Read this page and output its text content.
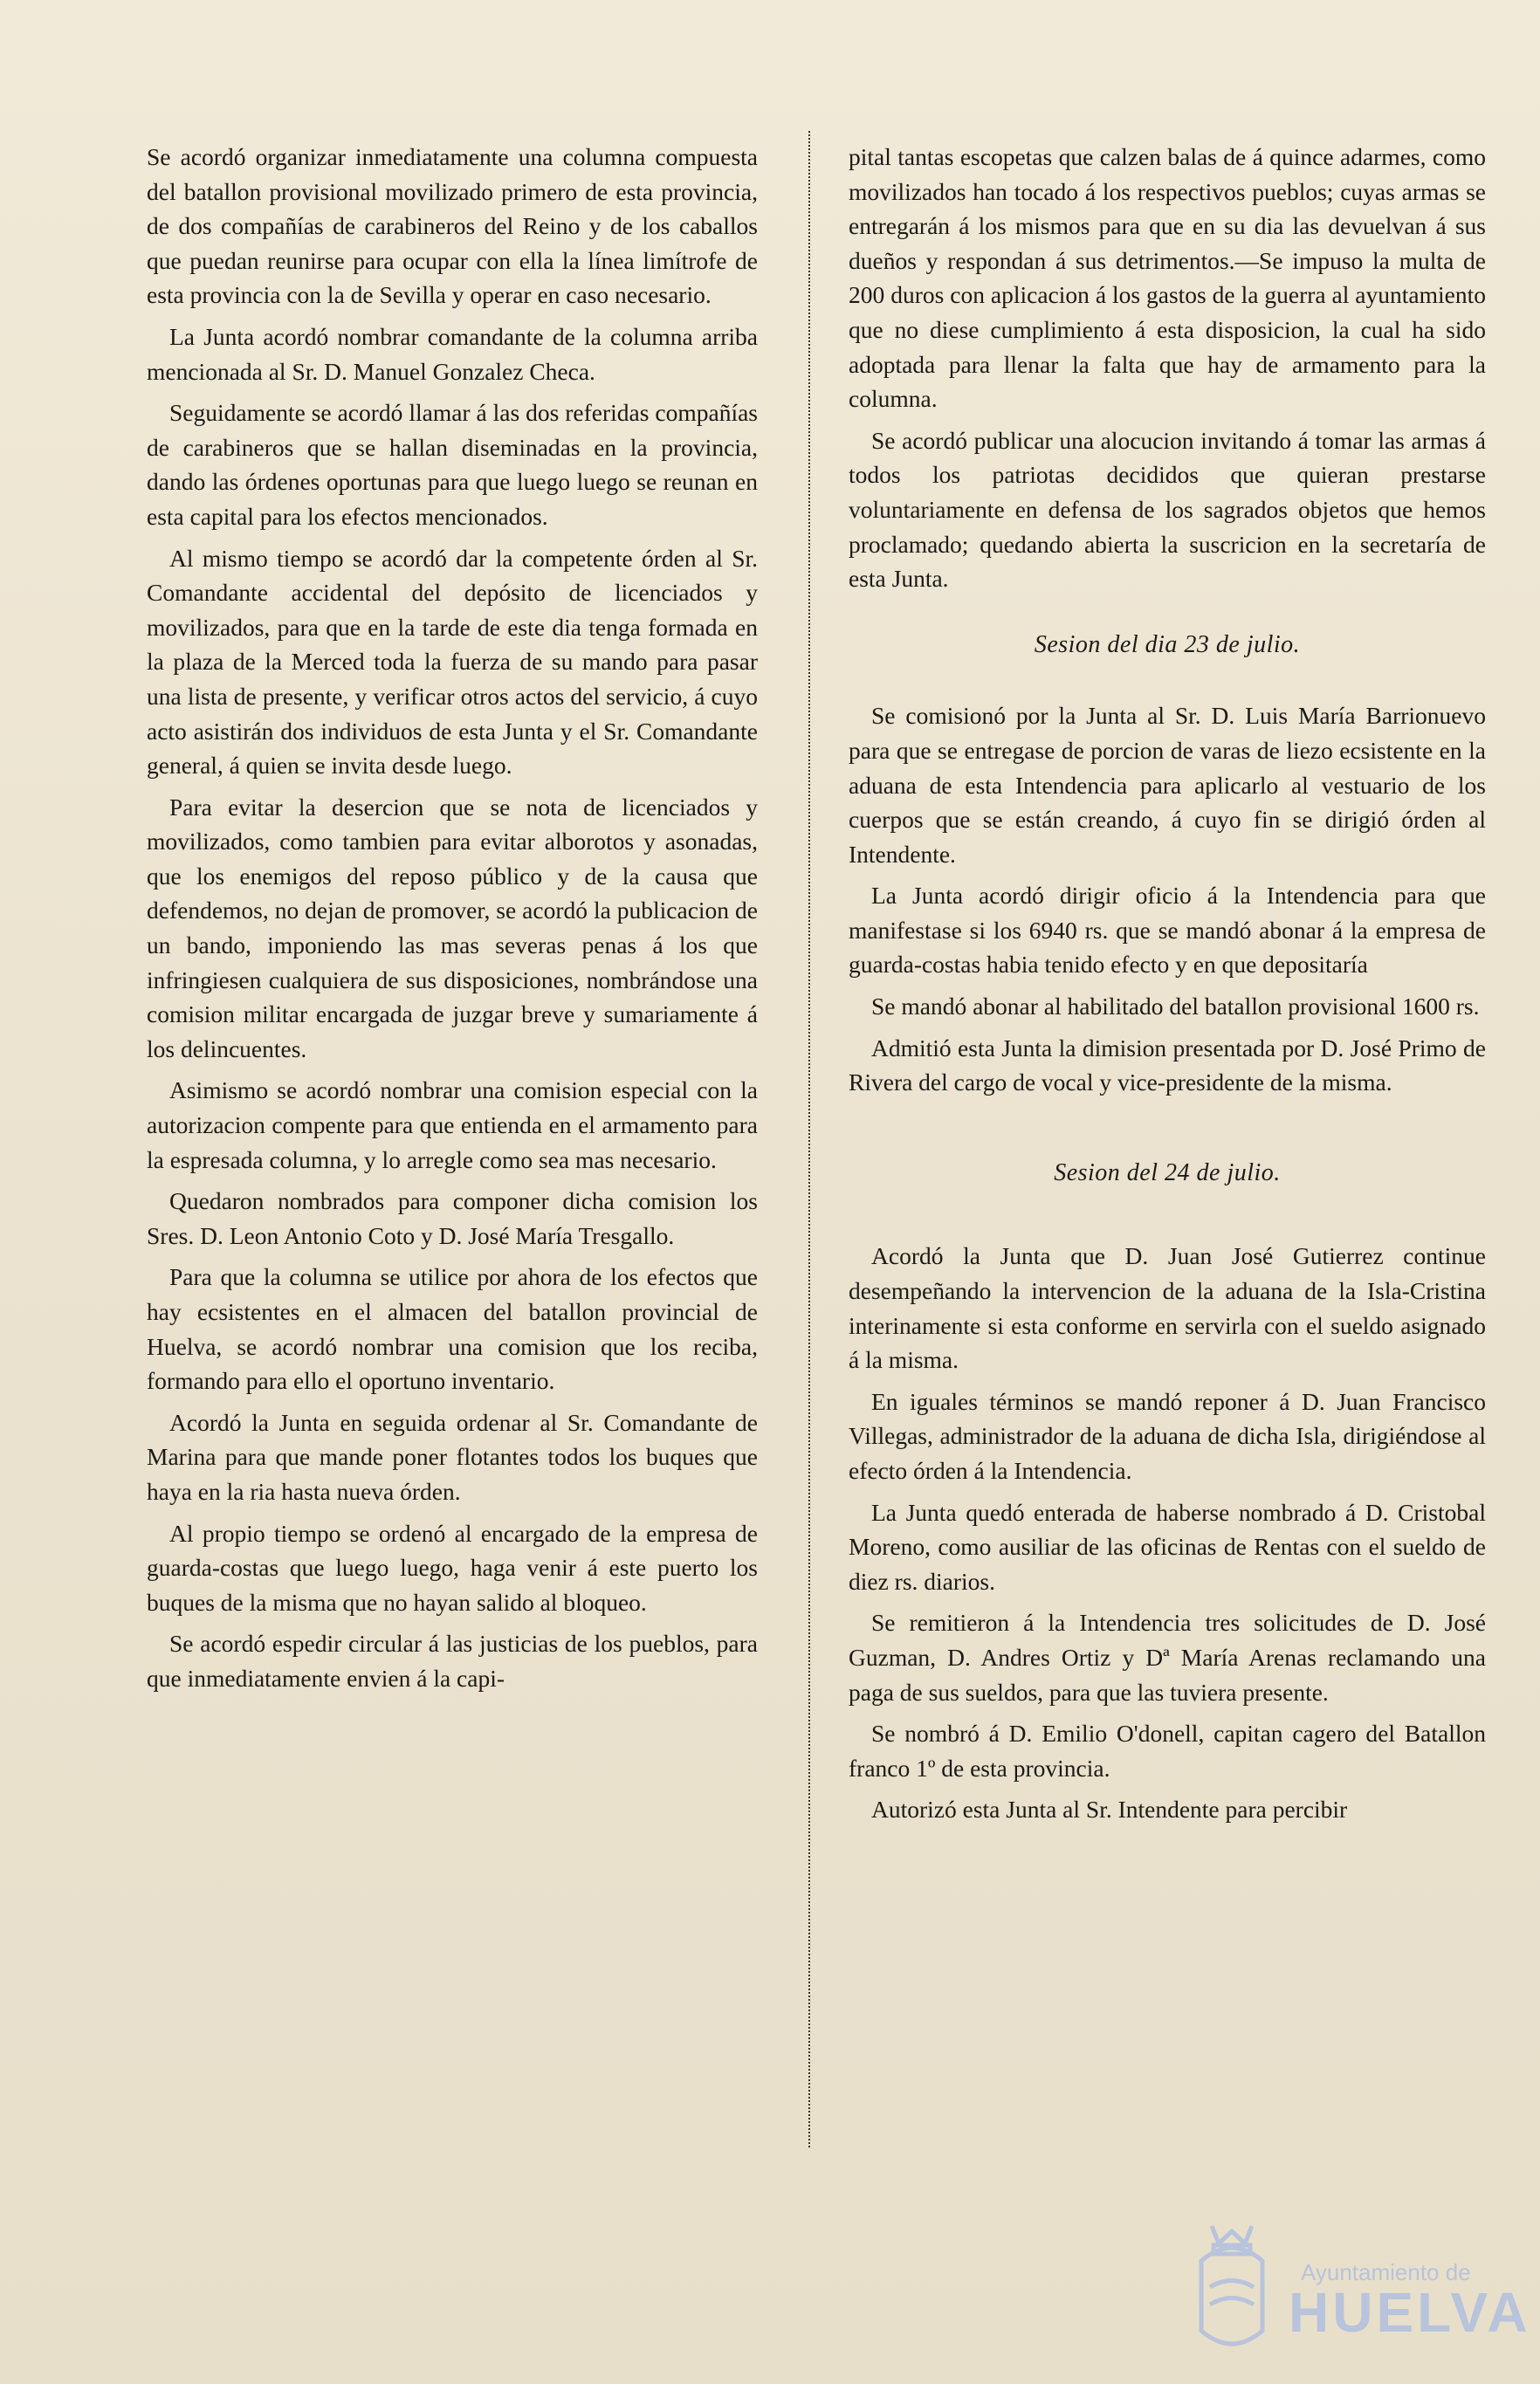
Se acordó organizar inmediatamente una columna compuesta del batallon provisional movilizado primero de esta provincia, de dos compañías de carabineros del Reino y de los caballos que puedan reunirse para ocupar con ella la línea limítrofe de esta provincia con la de Sevilla y operar en caso necesario.

La Junta acordó nombrar comandante de la columna arriba mencionada al Sr. D. Manuel Gonzalez Checa.

Seguidamente se acordó llamar á las dos referidas compañías de carabineros que se hallan diseminadas en la provincia, dando las órdenes oportunas para que luego luego se reunan en esta capital para los efectos mencionados.

Al mismo tiempo se acordó dar la competente órden al Sr. Comandante accidental del depósito de licenciados y movilizados, para que en la tarde de este dia tenga formada en la plaza de la Merced toda la fuerza de su mando para pasar una lista de presente, y verificar otros actos del servicio, á cuyo acto asistirán dos individuos de esta Junta y el Sr. Comandante general, á quien se invita desde luego.

Para evitar la desercion que se nota de licenciados y movilizados, como tambien para evitar alborotos y asonadas, que los enemigos del reposo público y de la causa que defendemos, no dejan de promover, se acordó la publicacion de un bando, imponiendo las mas severas penas á los que infringiesen cualquiera de sus disposiciones, nombrándose una comision militar encargada de juzgar breve y sumariamente á los delincuentes.

Asimismo se acordó nombrar una comision especial con la autorizacion compente para que entienda en el armamento para la espresada columna, y lo arregle como sea mas necesario.

Quedaron nombrados para componer dicha comision los Sres. D. Leon Antonio Coto y D. José María Tresgallo.

Para que la columna se utilice por ahora de los efectos que hay ecsistentes en el almacen del batallon provincial de Huelva, se acordó nombrar una comision que los reciba, formando para ello el oportuno inventario.

Acordó la Junta en seguida ordenar al Sr. Comandante de Marina para que mande poner flotantes todos los buques que haya en la ria hasta nueva órden.

Al propio tiempo se ordenó al encargado de la empresa de guarda-costas que luego luego, haga venir á este puerto los buques de la misma que no hayan salido al bloqueo.

Se acordó espedir circular á las justicias de los pueblos, para que inmediatamente envien á la capi-

pital tantas escopetas que calzen balas de á quince adarmes, como movilizados han tocado á los respectivos pueblos; cuyas armas se entregarán á los mismos para que en su dia las devuelvan á sus dueños y respondan á sus detrimentos.—Se impuso la multa de 200 duros con aplicacion á los gastos de la guerra al ayuntamiento que no diese cumplimiento á esta disposicion, la cual ha sido adoptada para llenar la falta que hay de armamento para la columna.

Se acordó publicar una alocucion invitando á tomar las armas á todos los patriotas decididos que quieran prestarse voluntariamente en defensa de los sagrados objetos que hemos proclamado; quedando abierta la suscricion en la secretaría de esta Junta.

Sesion del dia 23 de julio.

Se comisionó por la Junta al Sr. D. Luis María Barrionuevo para que se entregase de porcion de varas de liezo ecsistente en la aduana de esta Intendencia para aplicarlo al vestuario de los cuerpos que se están creando, á cuyo fin se dirigió órden al Intendente.

La Junta acordó dirigir oficio á la Intendencia para que manifestase si los 6940 rs. que se mandó abonar á la empresa de guarda-costas habia tenido efecto y en que depositaría

Se mandó abonar al habilitado del batallon provisional 1600 rs.

Admitió esta Junta la dimision presentada por D. José Primo de Rivera del cargo de vocal y vice-presidente de la misma.

Sesion del 24 de julio.

Acordó la Junta que D. Juan José Gutierrez continue desempeñando la intervencion de la aduana de la Isla-Cristina interinamente si esta conforme en servirla con el sueldo asignado á la misma.

En iguales términos se mandó reponer á D. Juan Francisco Villegas, administrador de la aduana de dicha Isla, dirigiéndose al efecto órden á la Intendencia.

La Junta quedó enterada de haberse nombrado á D. Cristobal Moreno, como ausiliar de las oficinas de Rentas con el sueldo de diez rs. diarios.

Se remitieron á la Intendencia tres solicitudes de D. José Guzman, D. Andres Ortiz y Dª María Arenas reclamando una paga de sus sueldos, para que las tuviera presente.

Se nombró á D. Emilio O'donell, capitan cagero del Batallon franco 1º de esta provincia.

Autorizó esta Junta al Sr. Intendente para percibir

Ayuntamiento de
HUELVA
